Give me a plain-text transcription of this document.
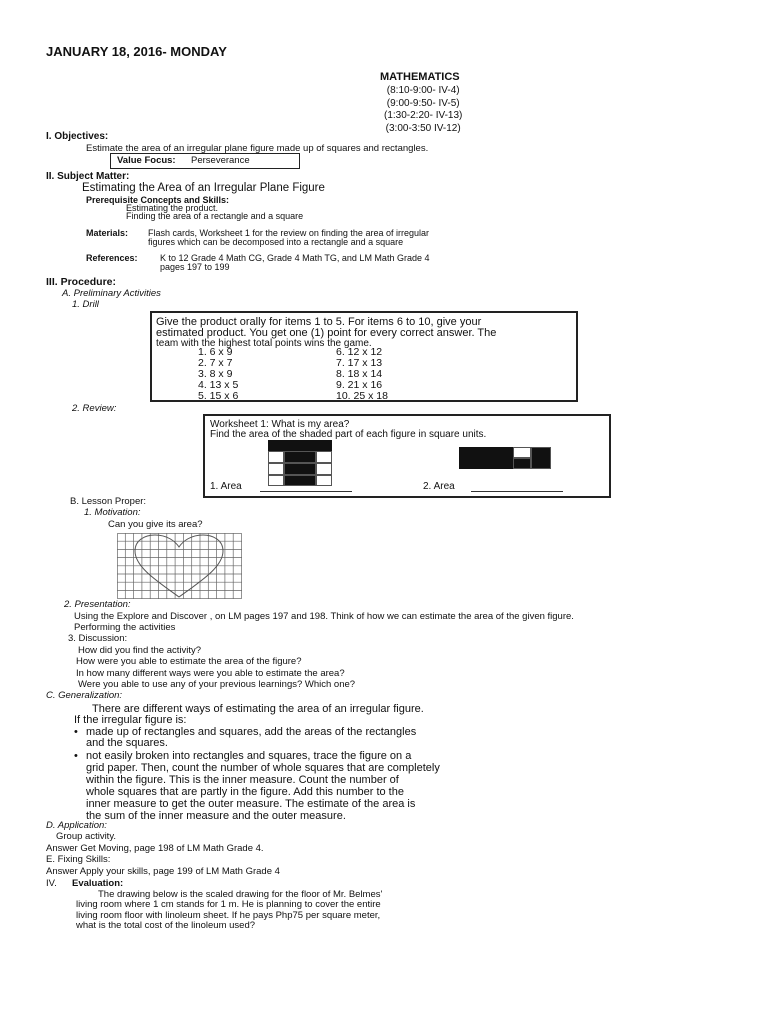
JANUARY 18, 2016- MONDAY
MATHEMATICS
(8:10-9:00- IV-4)
(9:00-9:50- IV-5)
(1:30-2:20- IV-13)
(3:00-3:50 IV-12)
I. Objectives:
Estimate the area of an irregular plane figure made up of squares and rectangles.
Value Focus: Perseverance
II. Subject Matter:
Estimating the Area of an Irregular Plane Figure
Prerequisite Concepts and Skills:
Estimating the product.
Finding the area of a rectangle and a square
Materials: Flash cards, Worksheet 1 for the review on finding the area of irregular
figures which can be decomposed into a rectangle and a square
References: K to 12 Grade 4 Math CG, Grade 4 Math TG, and LM Math Grade 4
pages 197 to 199
III. Procedure:
A. Preliminary Activities
1. Drill
Give the product orally for items 1 to 5. For items 6 to 10, give your
estimated product. You get one (1) point for every correct answer. The
team with the highest total points wins the game.
1. 6 x 9
2. 7 x 7
3. 8 x 9
4. 13 x 5
5. 15 x 6
6. 12 x 12
7. 17 x 13
8. 18 x 14
9. 21 x 16
10. 25 x 18
2. Review:
Worksheet 1: What is my area?
Find the area of the shaded part of each figure in square units.
1. Area	2. Area
B. Lesson Proper:
1. Motivation:
Can you give its area?
2. Presentation:
Using the Explore and Discover , on LM pages 197 and 198. Think of how we can estimate the area of the given figure.
Performing the activities
3. Discussion:
How did you find the activity?
How were you able to estimate the area of the figure?
In how many different ways were you able to estimate the area?
Were you able to use any of your previous learnings? Which one?
C. Generalization:
There are different ways of estimating the area of an irregular figure.
If the irregular figure is:
• made up of rectangles and squares, add the areas of the rectangles
and the squares.
• not easily broken into rectangles and squares, trace the figure on a
grid paper. Then, count the number of whole squares that are completely
within the figure. This is the inner measure. Count the number of
whole squares that are partly in the figure. Add this number to the
inner measure to get the outer measure. The estimate of the area is
the sum of the inner measure and the outer measure.
D. Application:
Group activity.
Answer Get Moving, page 198 of LM Math Grade 4.
E. Fixing Skills:
Answer Apply your skills, page 199 of LM Math Grade 4
IV. Evaluation:
The drawing below is the scaled drawing for the floor of Mr. Belmes'
living room where 1 cm stands for 1 m. He is planning to cover the entire
living room floor with linoleum sheet. If he pays Php75 per square meter,
what is the total cost of the linoleum used?
